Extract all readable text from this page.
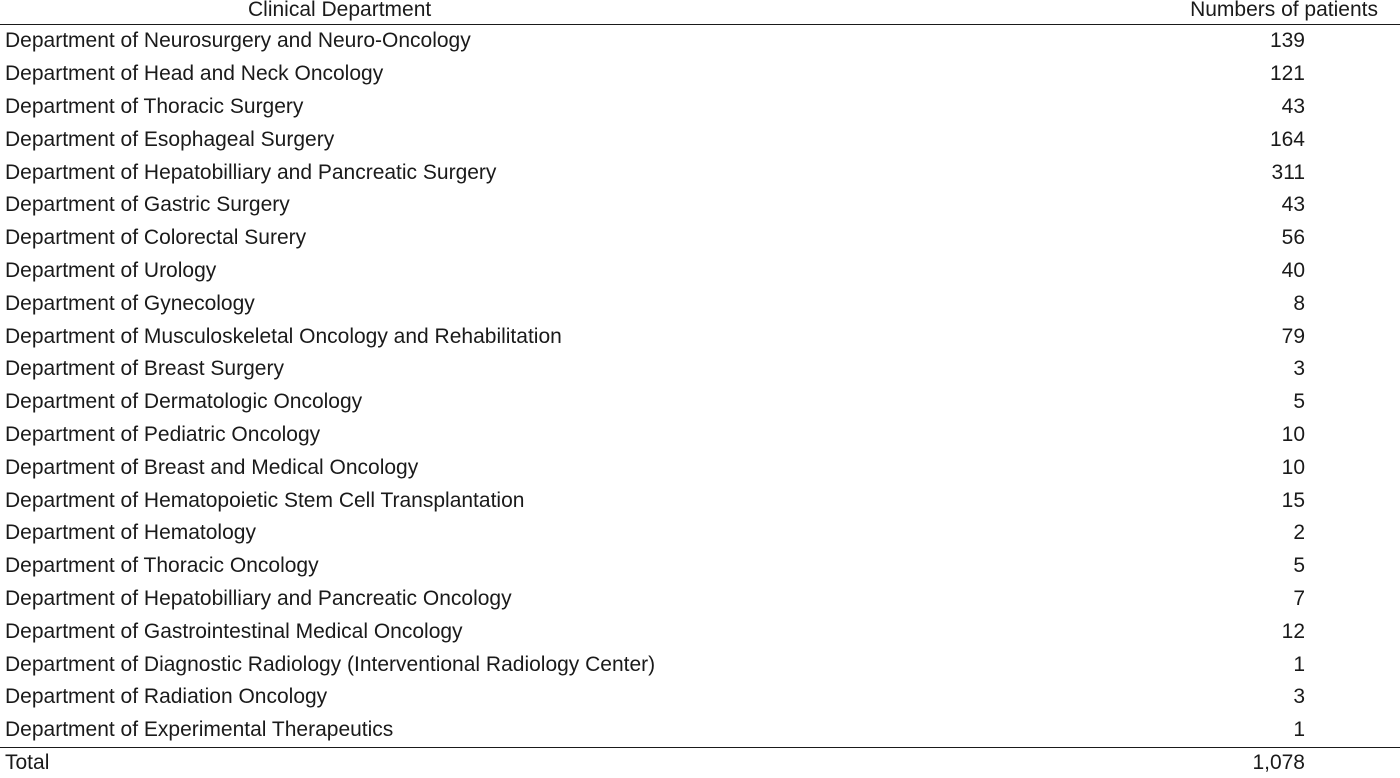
Clinical Department	Numbers of patients
Department of Neurosurgery and Neuro-Oncology	139
Department of Head and Neck Oncology	121
Department of Thoracic Surgery	43
Department of Esophageal Surgery	164
Department of Hepatobilliary and Pancreatic Surgery	311
Department of Gastric Surgery	43
Department of Colorectal Surery	56
Department of Urology	40
Department of Gynecology	8
Department of Musculoskeletal Oncology and Rehabilitation	79
Department of Breast Surgery	3
Department of Dermatologic Oncology	5
Department of Pediatric Oncology	10
Department of Breast and Medical Oncology	10
Department of Hematopoietic Stem Cell Transplantation	15
Department of Hematology	2
Department of Thoracic Oncology	5
Department of Hepatobilliary and Pancreatic Oncology	7
Department of Gastrointestinal Medical Oncology	12
Department of Diagnostic Radiology (Interventional Radiology Center)	1
Department of Radiation Oncology	3
Department of Experimental Therapeutics	1
Total	1,078
